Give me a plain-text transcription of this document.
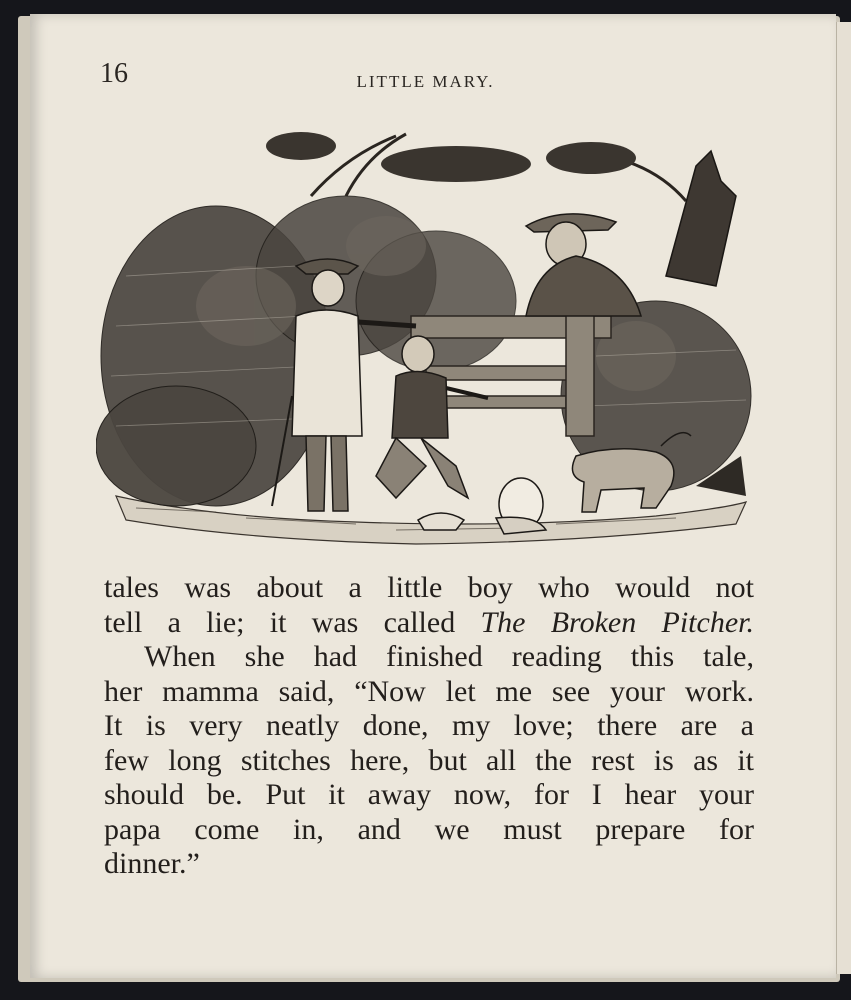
16	LITTLE MARY.
tales was about a little boy who would not
tell a lie; it was called The Broken Pitcher.
When she had finished reading this tale,
her mamma said, “Now let me see your work.
It is very neatly done, my love; there are a
few long stitches here, but all the rest is as it
should be. Put it away now, for I hear your
papa come in, and we must prepare for
dinner.”
